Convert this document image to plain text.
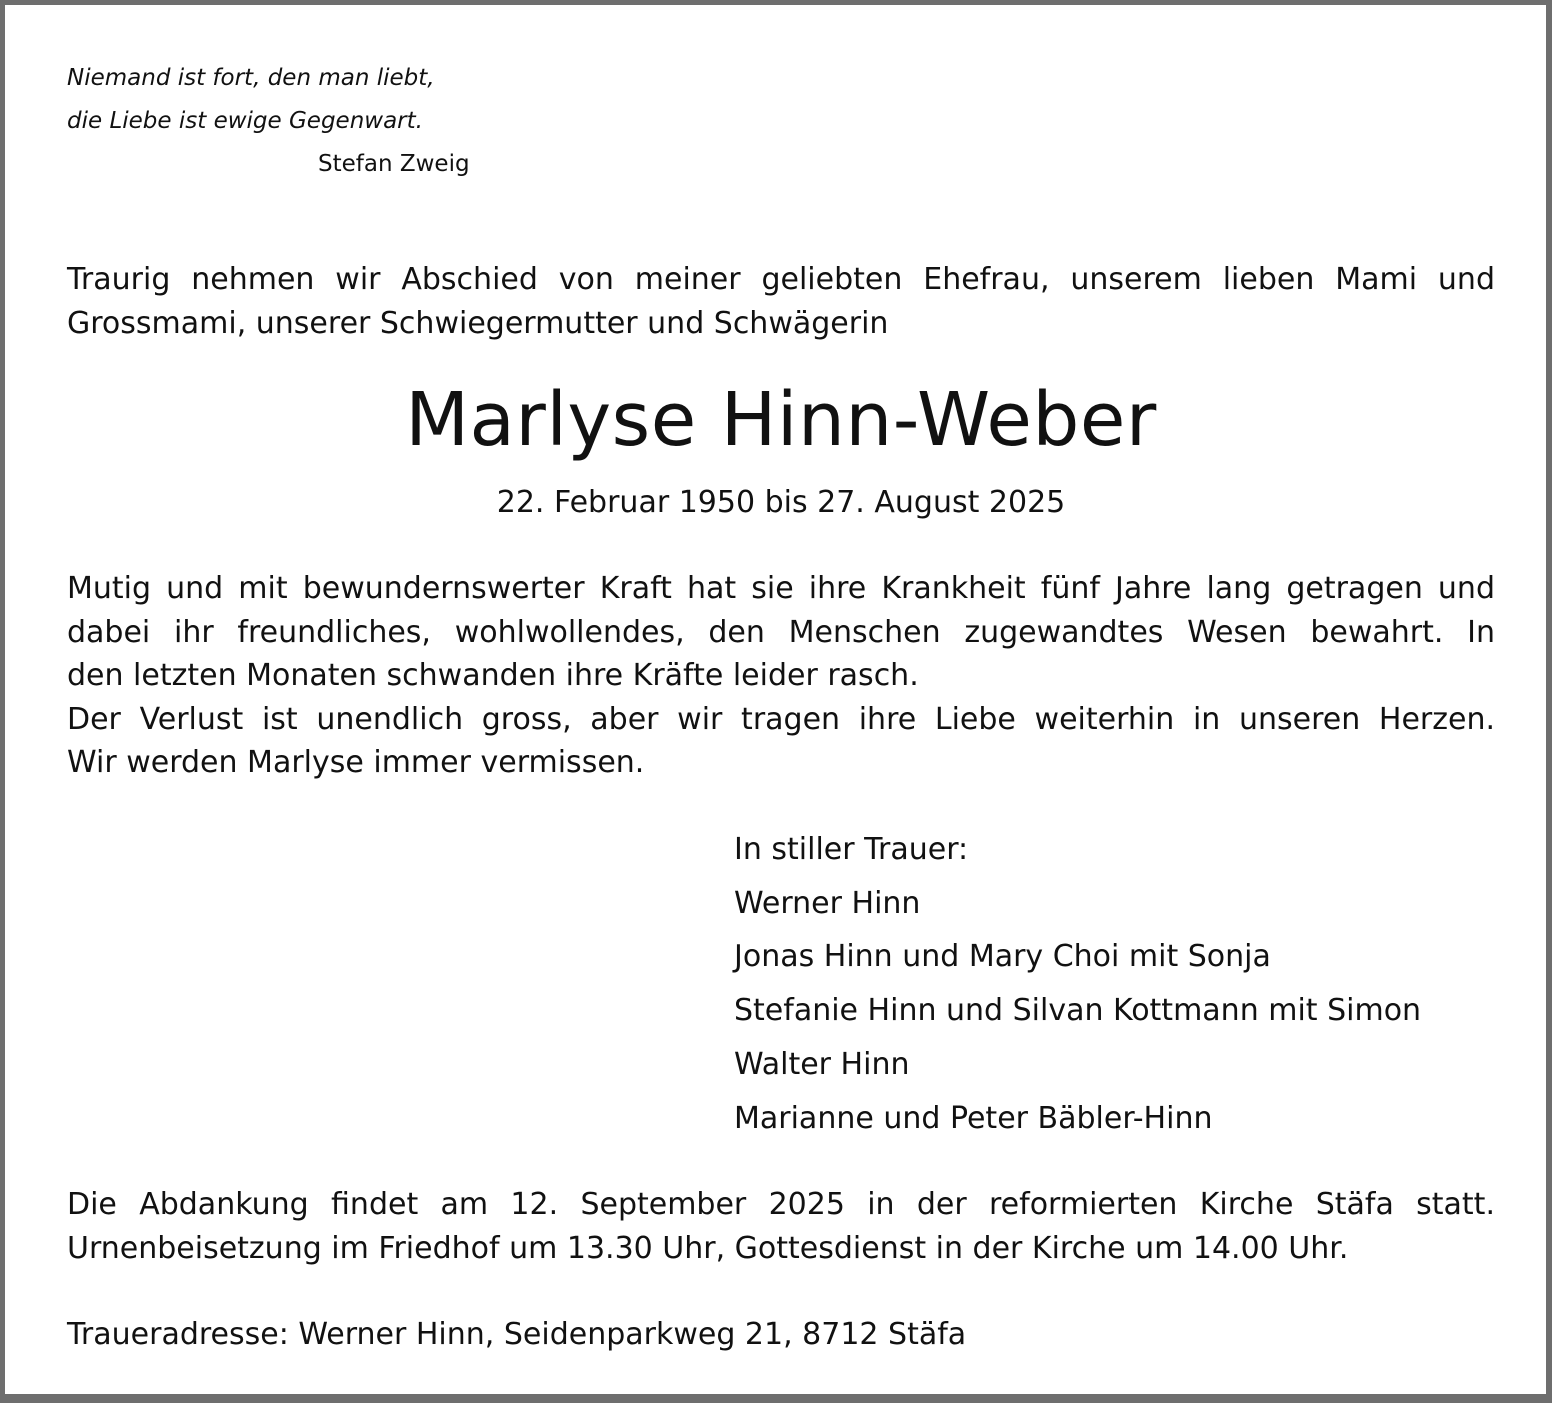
Niemand ist fort, den man liebt,
die Liebe ist ewige Gegenwart.
Stefan Zweig
Traurig nehmen wir Abschied von meiner geliebten Ehefrau, unserem lieben Mami und
Grossmami, unserer Schwiegermutter und Schwägerin
Marlyse Hinn-Weber
22. Februar 1950 bis 27. August 2025
Mutig und mit bewundernswerter Kraft hat sie ihre Krankheit fünf Jahre lang getragen und
dabei ihr freundliches, wohlwollendes, den Menschen zugewandtes Wesen bewahrt. In
den letzten Monaten schwanden ihre Kräfte leider rasch.
Der Verlust ist unendlich gross, aber wir tragen ihre Liebe weiterhin in unseren Herzen.
Wir werden Marlyse immer vermissen.
In stiller Trauer:
Werner Hinn
Jonas Hinn und Mary Choi mit Sonja
Stefanie Hinn und Silvan Kottmann mit Simon
Walter Hinn
Marianne und Peter Bäbler-Hinn
Die Abdankung findet am 12. September 2025 in der reformierten Kirche Stäfa statt.
Urnenbeisetzung im Friedhof um 13.30 Uhr, Gottesdienst in der Kirche um 14.00 Uhr.
Traueradresse: Werner Hinn, Seidenparkweg 21, 8712 Stäfa
